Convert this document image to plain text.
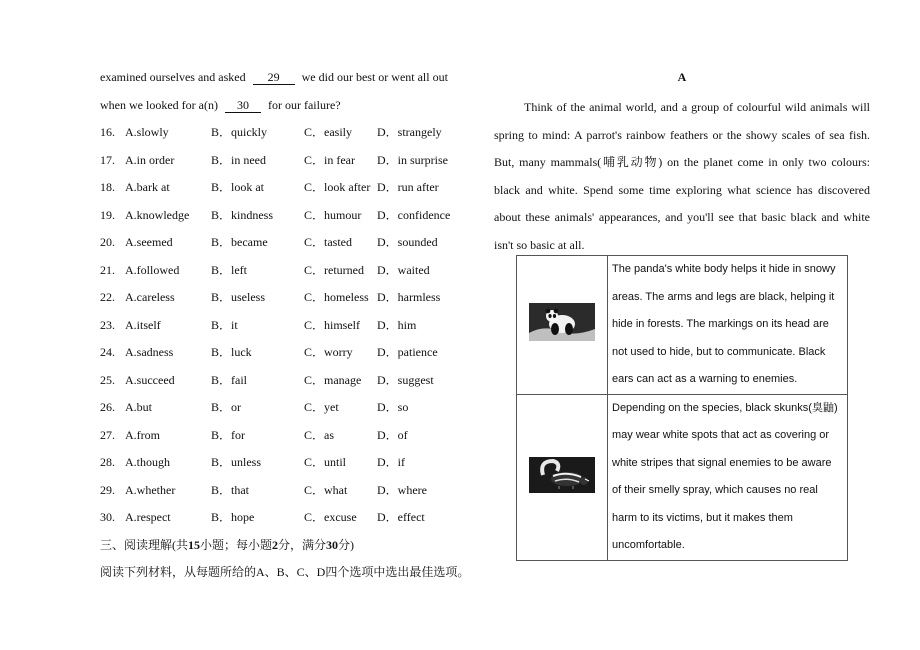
examined ourselves and asked 29 we did our best or went all out
when we looked for a(n) 30 for our failure?
16. A.slowly	B．quickly	C．easily D．strangely
17. A.in order	B．in need	C．in fear D．in surprise
18. A.bark at	B．look at	C．look after D．run after
19. A.knowledge B．kindness	C．humour D．confidence
20. A.seemed	B．became	C．tasted D．sounded
21. A.followed	B．left	C．returned D．waited
22. A.careless	B．useless	C．homeless D．harmless
23. A.itself	B．it	C．himself D．him
24. A.sadness	B．luck	C．worry D．patience
25. A.succeed	B．fail	C．manage D．suggest
26. A.but	B．or	C．yet	D．so
27. A.from	B．for	C．as	D．of
28. A.though	B．unless	C．until	D．if
29. A.whether	B．that	C．what D．where
30. A.respect	B．hope	C．excuse D．effect
三、阅读理解(共15小题；每小题2分，满分30分)
阅读下列材料，从每题所给的A、B、C、D四个选项中选出最佳选项。
A

Think of the animal world, and a group of colourful wild animals will spring to mind: A parrot's rainbow feathers or the showy scales of sea fish. But, many mammals(哺乳动物) on the planet come in only two colours: black and white. Spend some time exploring what science has discovered about these animals' appearances, and you'll see that basic black and white isn't so basic at all.

	The panda's white body helps it hide in snowy areas. The arms and legs are black, helping it hide in forests. The markings on its head are not used to hide, but to communicate. Black ears can act as a warning to enemies.
	Depending on the species, black skunks(臭鼬) may wear white spots that act as covering or white stripes that signal enemies to be aware of their smelly spray, which causes no real harm to its victims, but it makes them uncomfortable.
